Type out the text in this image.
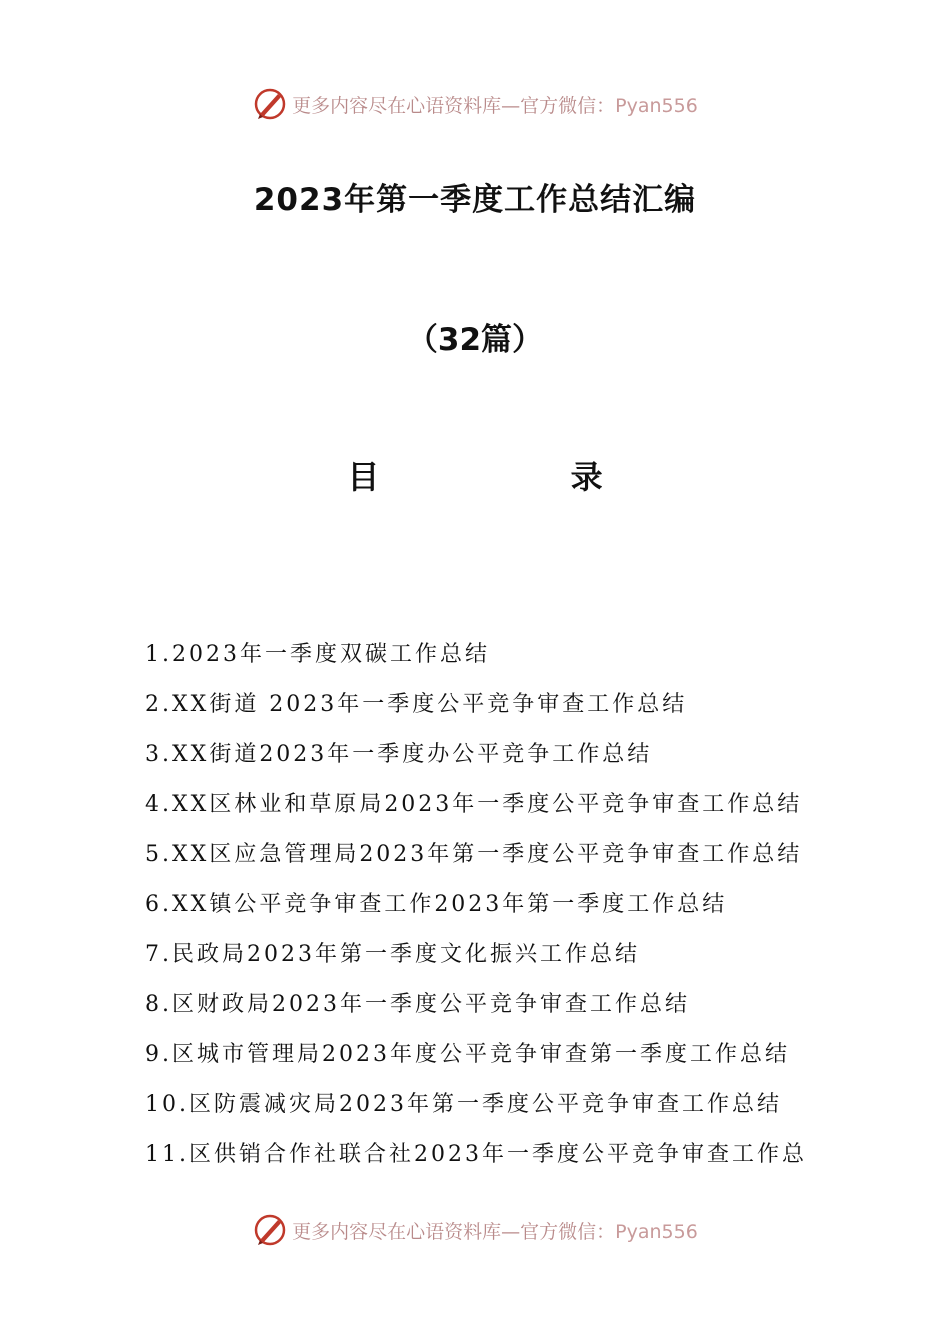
更多内容尽在心语资料库—官方微信：Pyan556
2023年第一季度工作总结汇编
（32篇）
目 录
1.2023年一季度双碳工作总结
2.XX街道 2023年一季度公平竞争审查工作总结
3.XX街道2023年一季度办公平竞争工作总结
4.XX区林业和草原局2023年一季度公平竞争审查工作总结
5.XX区应急管理局2023年第一季度公平竞争审查工作总结
6.XX镇公平竞争审查工作2023年第一季度工作总结
7.民政局2023年第一季度文化振兴工作总结
8.区财政局2023年一季度公平竞争审查工作总结
9.区城市管理局2023年度公平竞争审查第一季度工作总结
10.区防震减灾局2023年第一季度公平竞争审查工作总结
11.区供销合作社联合社2023年一季度公平竞争审查工作总
更多内容尽在心语资料库—官方微信：Pyan556
